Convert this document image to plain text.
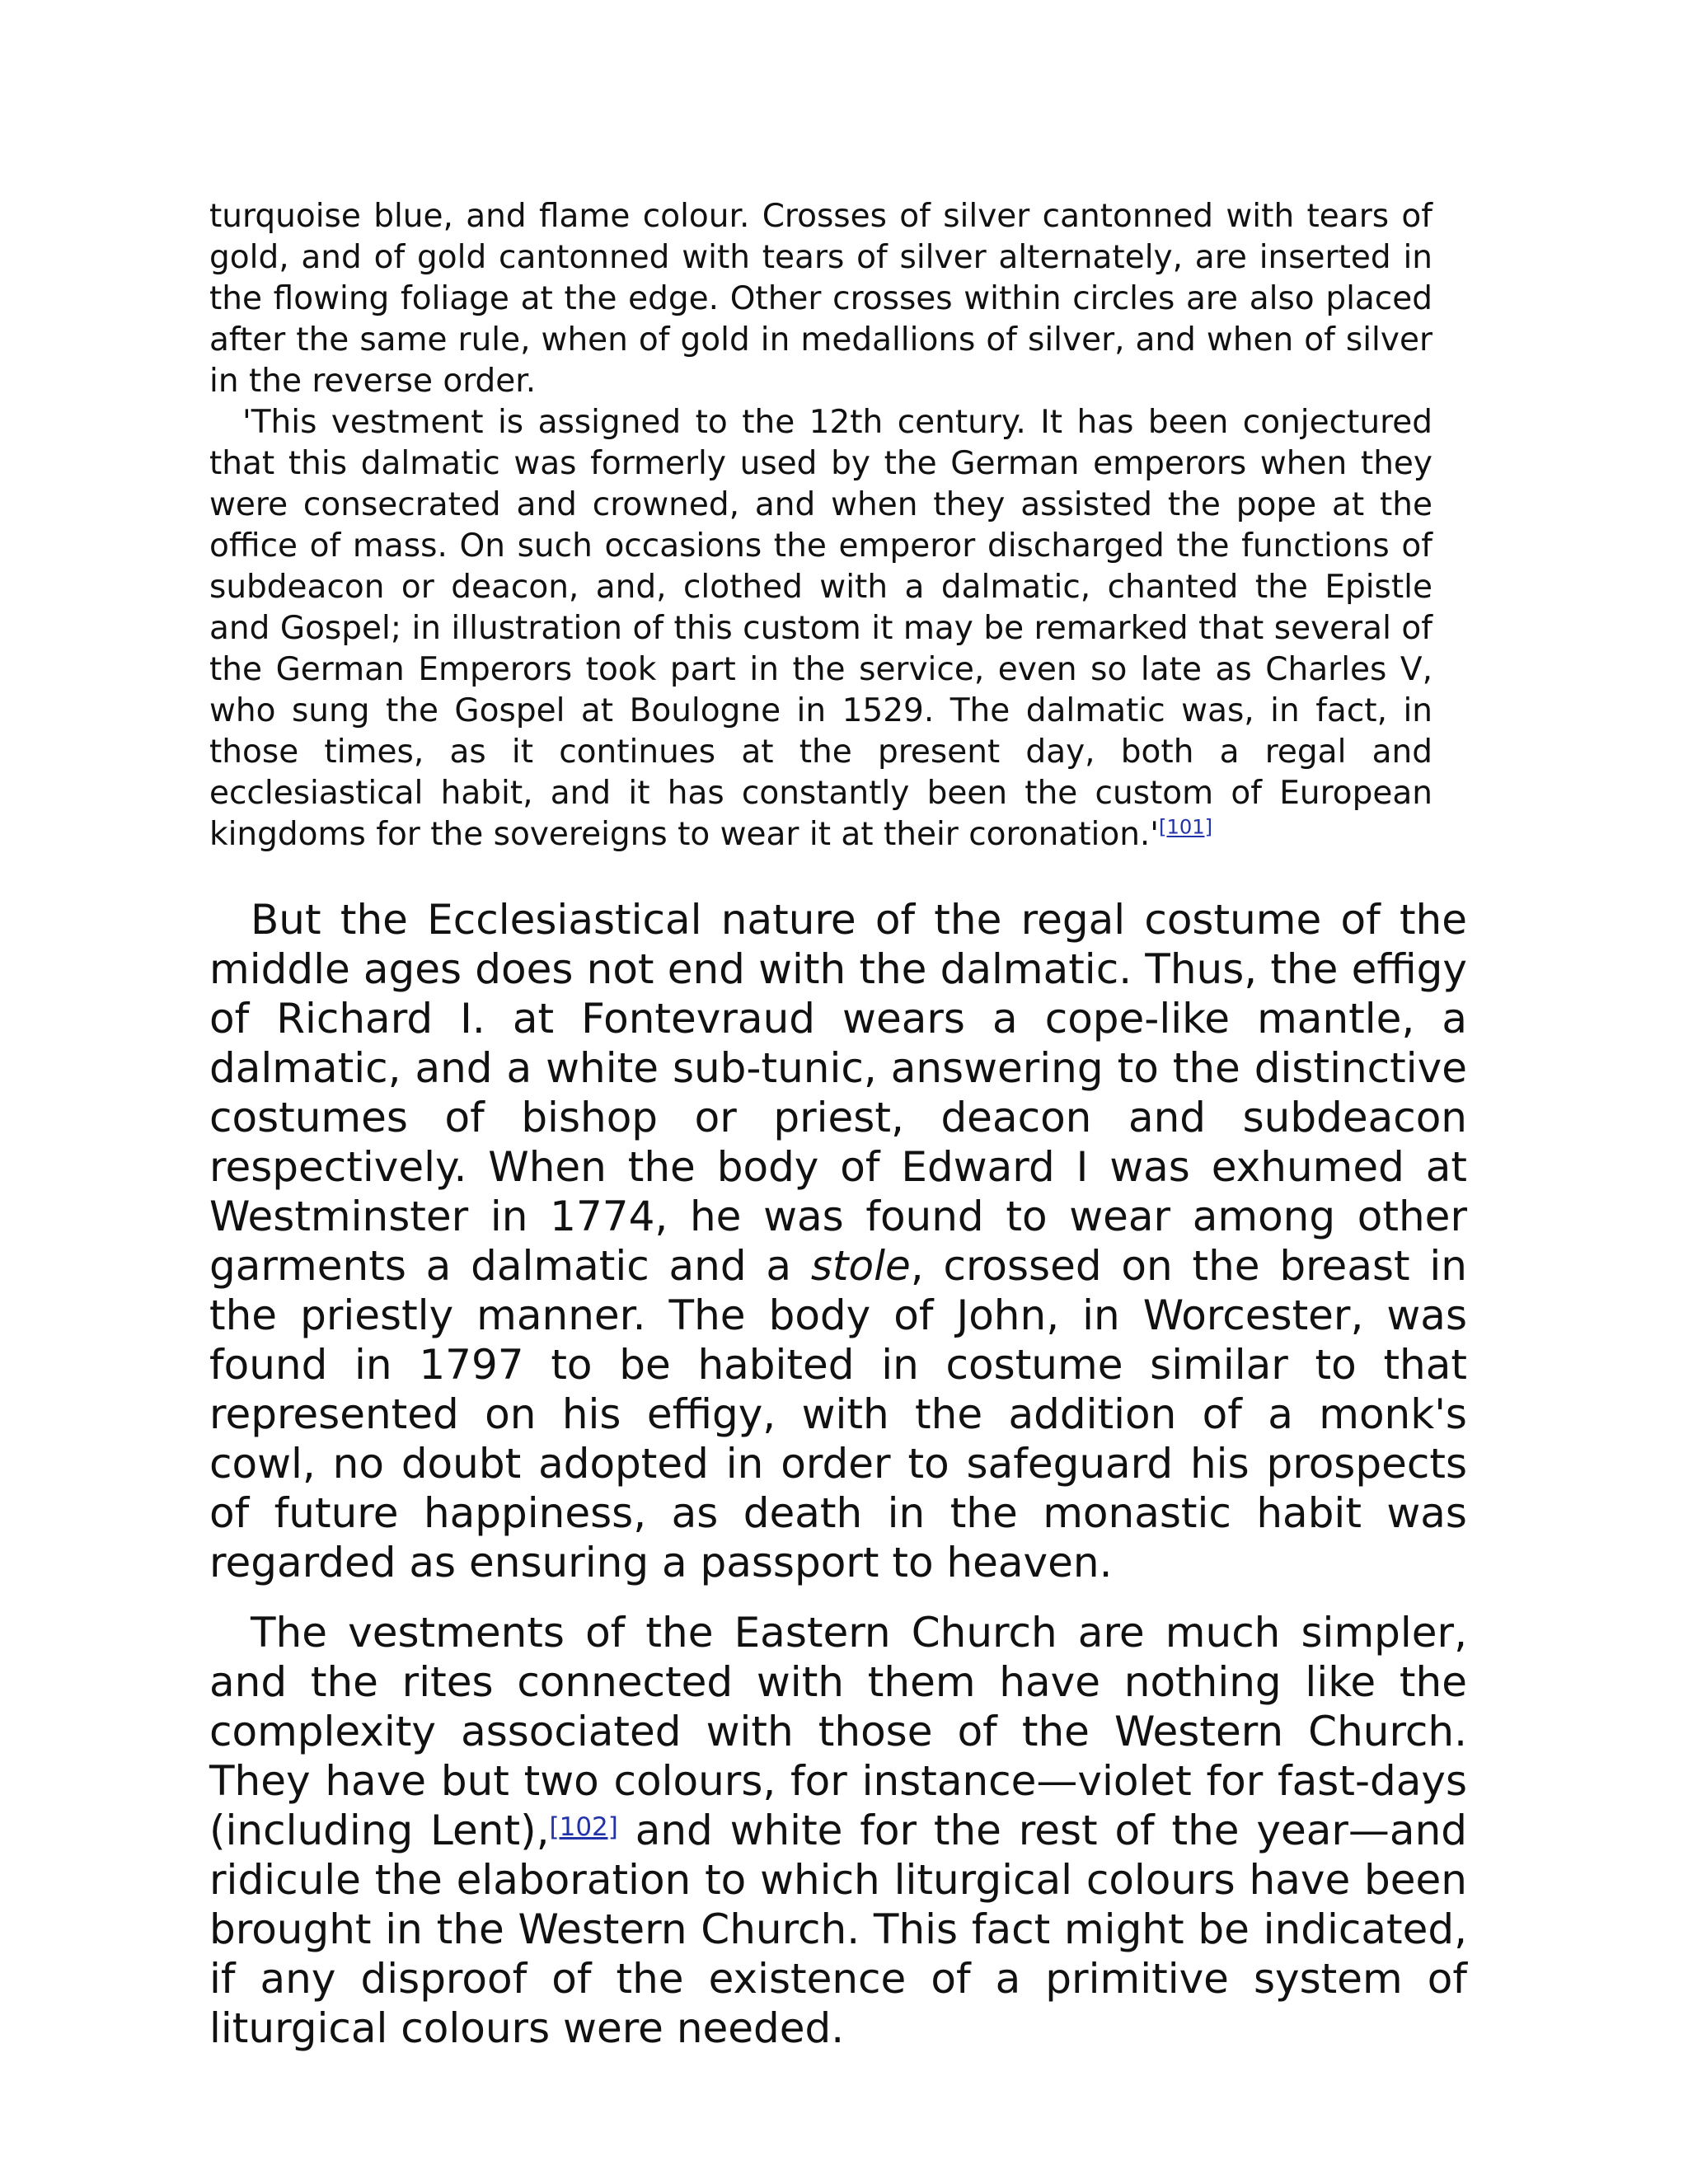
turquoise blue, and flame colour. Crosses of silver cantonned with tears of gold, and of gold cantonned with tears of silver alternately, are inserted in the flowing foliage at the edge. Other crosses within circles are also placed after the same rule, when of gold in medallions of silver, and when of silver in the reverse order.

'This vestment is assigned to the 12th century. It has been conjectured that this dalmatic was formerly used by the German emperors when they were consecrated and crowned, and when they assisted the pope at the office of mass. On such occasions the emperor discharged the functions of subdeacon or deacon, and, clothed with a dalmatic, chanted the Epistle and Gospel; in illustration of this custom it may be remarked that several of the German Emperors took part in the service, even so late as Charles V, who sung the Gospel at Boulogne in 1529. The dalmatic was, in fact, in those times, as it continues at the present day, both a regal and ecclesiastical habit, and it has constantly been the custom of European kingdoms for the sovereigns to wear it at their coronation.'[101]

But the Ecclesiastical nature of the regal costume of the middle ages does not end with the dalmatic. Thus, the effigy of Richard I. at Fontevraud wears a cope-like mantle, a dalmatic, and a white sub-tunic, answering to the distinctive costumes of bishop or priest, deacon and subdeacon respectively. When the body of Edward I was exhumed at Westminster in 1774, he was found to wear among other garments a dalmatic and a stole, crossed on the breast in the priestly manner. The body of John, in Worcester, was found in 1797 to be habited in costume similar to that represented on his effigy, with the addition of a monk's cowl, no doubt adopted in order to safeguard his prospects of future happiness, as death in the monastic habit was regarded as ensuring a passport to heaven.

The vestments of the Eastern Church are much simpler, and the rites connected with them have nothing like the complexity associated with those of the Western Church. They have but two colours, for instance—violet for fast-days (including Lent),[102] and white for the rest of the year—and ridicule the elaboration to which liturgical colours have been brought in the Western Church. This fact might be indicated, if any disproof of the existence of a primitive system of liturgical colours were needed.
